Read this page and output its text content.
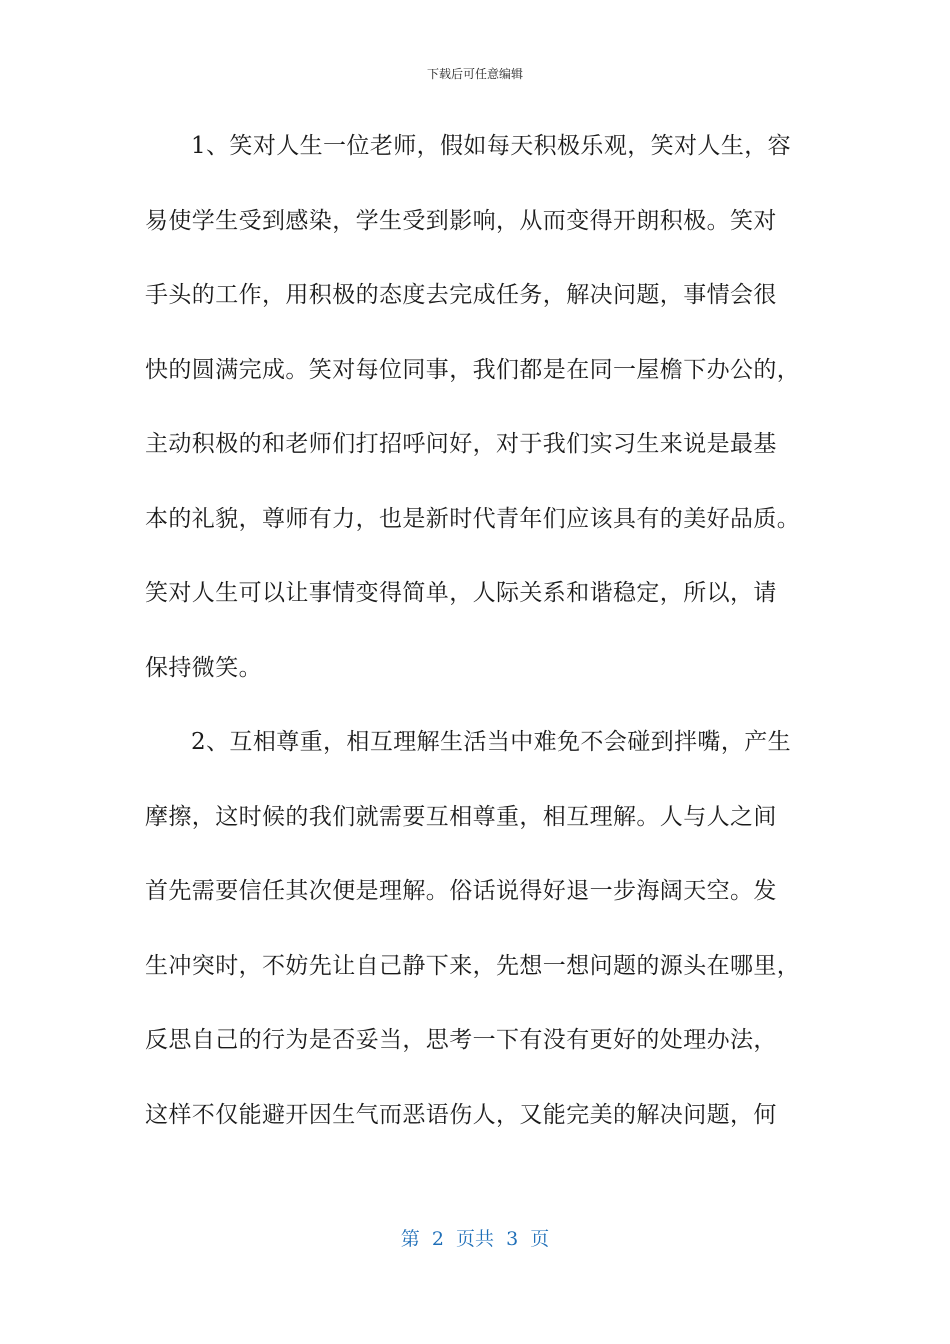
下载后可任意编辑
1、笑对人生一位老师，假如每天积极乐观，笑对人生，容
易使学生受到感染，学生受到影响，从而变得开朗积极。笑对
手头的工作，用积极的态度去完成任务，解决问题，事情会很
快的圆满完成。笑对每位同事，我们都是在同一屋檐下办公的，
主动积极的和老师们打招呼问好，对于我们实习生来说是最基
本的礼貌，尊师有力，也是新时代青年们应该具有的美好品质。
笑对人生可以让事情变得简单，人际关系和谐稳定，所以，请
保持微笑。
2、互相尊重，相互理解生活当中难免不会碰到拌嘴，产生
摩擦，这时候的我们就需要互相尊重，相互理解。人与人之间
首先需要信任其次便是理解。俗话说得好退一步海阔天空。发
生冲突时，不妨先让自己静下来，先想一想问题的源头在哪里，
反思自己的行为是否妥当，思考一下有没有更好的处理办法，
这样不仅能避开因生气而恶语伤人，又能完美的解决问题，何
第  2  页共  3  页
